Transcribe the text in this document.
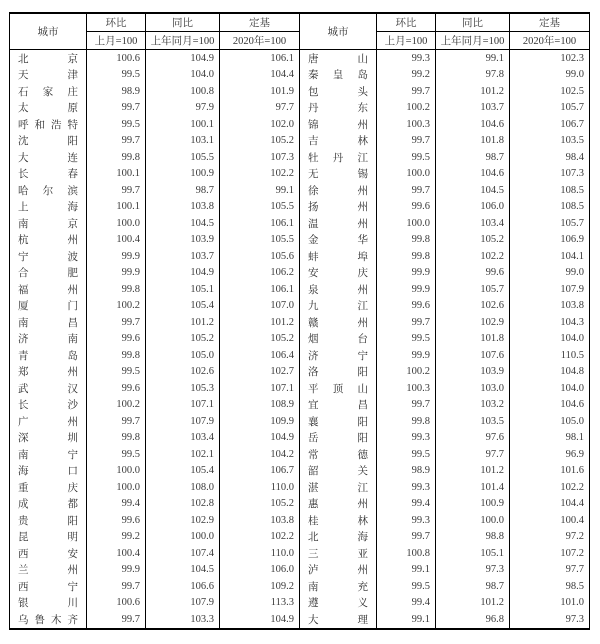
城市	环比	同比	定基	城市	环比	同比	定基
	上月=100	上年同月=100	2020年=100		上月=100	上年同月=100	2020年=100
北京	100.6	104.9	106.1	唐山	99.3	99.1	102.3
天津	99.5	104.0	104.4	秦皇岛	99.2	97.8	99.0
石家庄	98.9	100.8	101.9	包头	99.7	101.2	102.5
太原	99.7	97.9	97.7	丹东	100.2	103.7	105.7
呼和浩特	99.5	100.1	102.0	锦州	100.3	104.6	106.7
沈阳	99.7	103.1	105.2	吉林	99.7	101.8	103.5
大连	99.8	105.5	107.3	牡丹江	99.5	98.7	98.4
长春	100.1	100.9	102.2	无锡	100.0	104.6	107.3
哈尔滨	99.7	98.7	99.1	徐州	99.7	104.5	108.5
上海	100.1	103.8	105.5	扬州	99.6	106.0	108.5
南京	100.0	104.5	106.1	温州	100.0	103.4	105.7
杭州	100.4	103.9	105.5	金华	99.8	105.2	106.9
宁波	99.9	103.7	105.6	蚌埠	99.8	102.2	104.1
合肥	99.9	104.9	106.2	安庆	99.9	99.6	99.0
福州	99.8	105.1	106.1	泉州	99.9	105.7	107.9
厦门	100.2	105.4	107.0	九江	99.6	102.6	103.8
南昌	99.7	101.2	101.2	赣州	99.7	102.9	104.3
济南	99.6	105.2	105.2	烟台	99.5	101.8	104.0
青岛	99.8	105.0	106.4	济宁	99.9	107.6	110.5
郑州	99.5	102.6	102.7	洛阳	100.2	103.9	104.8
武汉	99.6	105.3	107.1	平顶山	100.3	103.0	104.0
长沙	100.2	107.1	108.9	宜昌	99.7	103.2	104.6
广州	99.7	107.9	109.9	襄阳	99.8	103.5	105.0
深圳	99.8	103.4	104.9	岳阳	99.3	97.6	98.1
南宁	99.5	102.1	104.2	常德	99.5	97.7	96.9
海口	100.0	105.4	106.7	韶关	98.9	101.2	101.6
重庆	100.0	108.0	110.0	湛江	99.3	101.4	102.2
成都	99.4	102.8	105.2	惠州	99.4	100.9	104.4
贵阳	99.6	102.9	103.8	桂林	99.3	100.0	100.4
昆明	99.2	100.0	102.2	北海	99.7	98.8	97.2
西安	100.4	107.4	110.0	三亚	100.8	105.1	107.2
兰州	99.9	104.5	106.0	泸州	99.1	97.3	97.7
西宁	99.7	106.6	109.2	南充	99.5	98.7	98.5
银川	100.6	107.9	113.3	遵义	99.4	101.2	101.0
乌鲁木齐	99.7	103.3	104.9	大理	99.1	96.8	97.3
